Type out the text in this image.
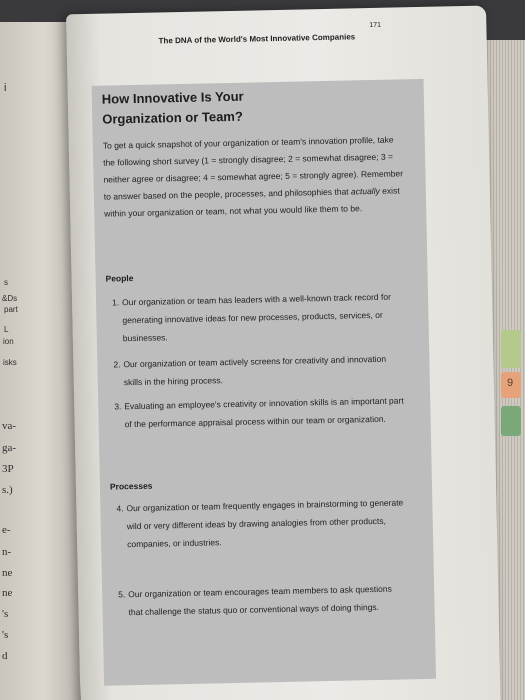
i
s
&Ds
part
L
ion
isks
va-
ga-
3P
s.)
e-
n-
ne
ne
's
's
d
9
The DNA of the World's Most Innovative Companies
171
How Innovative Is Your
Organization or Team?

To get a quick snapshot of your organization or team's innovation profile, take the following short survey (1 = strongly disagree; 2 = somewhat disagree; 3 = neither agree or disagree; 4 = somewhat agree; 5 = strongly agree). Remember to answer based on the people, processes, and philosophies that actually exist within your organization or team, not what you would like them to be.

People
1. Our organization or team has leaders with a well-known track record for generating innovative ideas for new processes, products, services, or businesses.
2. Our organization or team actively screens for creativity and innovation skills in the hiring process.
3. Evaluating an employee's creativity or innovation skills is an important part of the performance appraisal process within our team or organization.
Processes
4. Our organization or team frequently engages in brainstorming to generate wild or very different ideas by drawing analogies from other products, companies, or industries.
5. Our organization or team encourages team members to ask questions that challenge the status quo or conventional ways of doing things.
